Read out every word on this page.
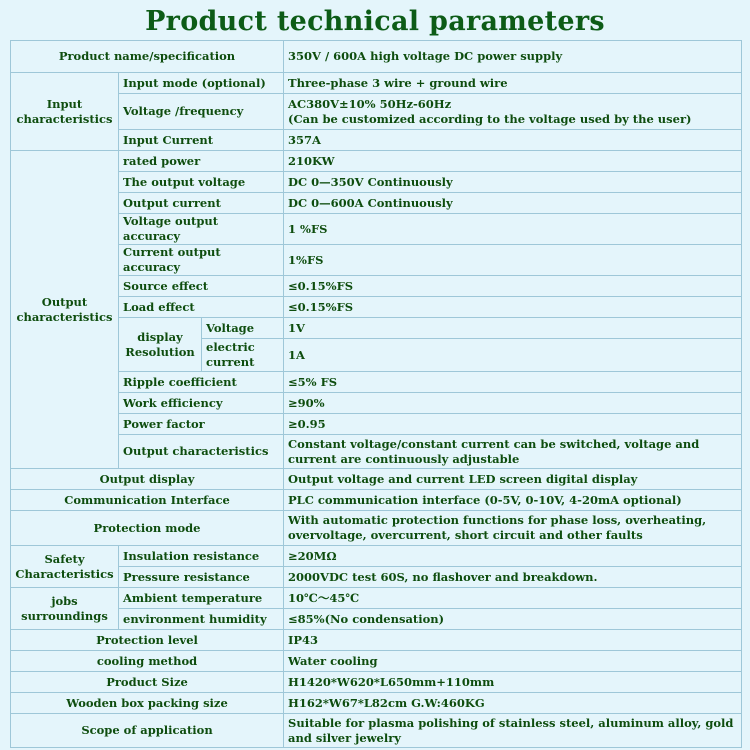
Product technical parameters
Product name/specification			350V / 600A high voltage DC power supply
Input characteristics	Input mode (optional)		Three-phase 3 wire + ground wire
	Voltage /frequency		AC380V±10% 50Hz-60Hz
(Can be customized according to the voltage used by the user)

	Input Current		357A
Output characteristics	rated power		210KW
	The output voltage		DC 0—350V Continuously
	Output current		DC 0—600A Continuously
	Voltage output accuracy		1 %FS
	Current output accuracy		1%FS
	Source effect		≤0.15%FS
	Load effect		≤0.15%FS
	display Resolution	Voltage	1V
		electric current	1A
	Ripple coefficient		≤5% FS
	Work efficiency		≥90%
	Power factor		≥0.95
	Output characteristics		Constant voltage/constant current can be switched, voltage and current are continuously adjustable
Output display			Output voltage and current LED screen digital display
Communication Interface			PLC communication interface (0-5V, 0-10V, 4-20mA optional)
Protection mode			With automatic protection functions for phase loss, overheating, overvoltage, overcurrent, short circuit and other faults
Safety Characteristics	Insulation resistance		≥20MΩ
	Pressure resistance		2000VDC test 60S, no flashover and breakdown.
jobs surroundings	Ambient temperature		10℃～45℃
	environment humidity		≤85%(No condensation)
Protection level			IP43
cooling method			Water cooling
Product Size			H1420*W620*L650mm+110mm
Wooden box packing size			H162*W67*L82cm G.W:460KG
Scope of application			Suitable for plasma polishing of stainless steel, aluminum alloy, gold and silver jewelry
